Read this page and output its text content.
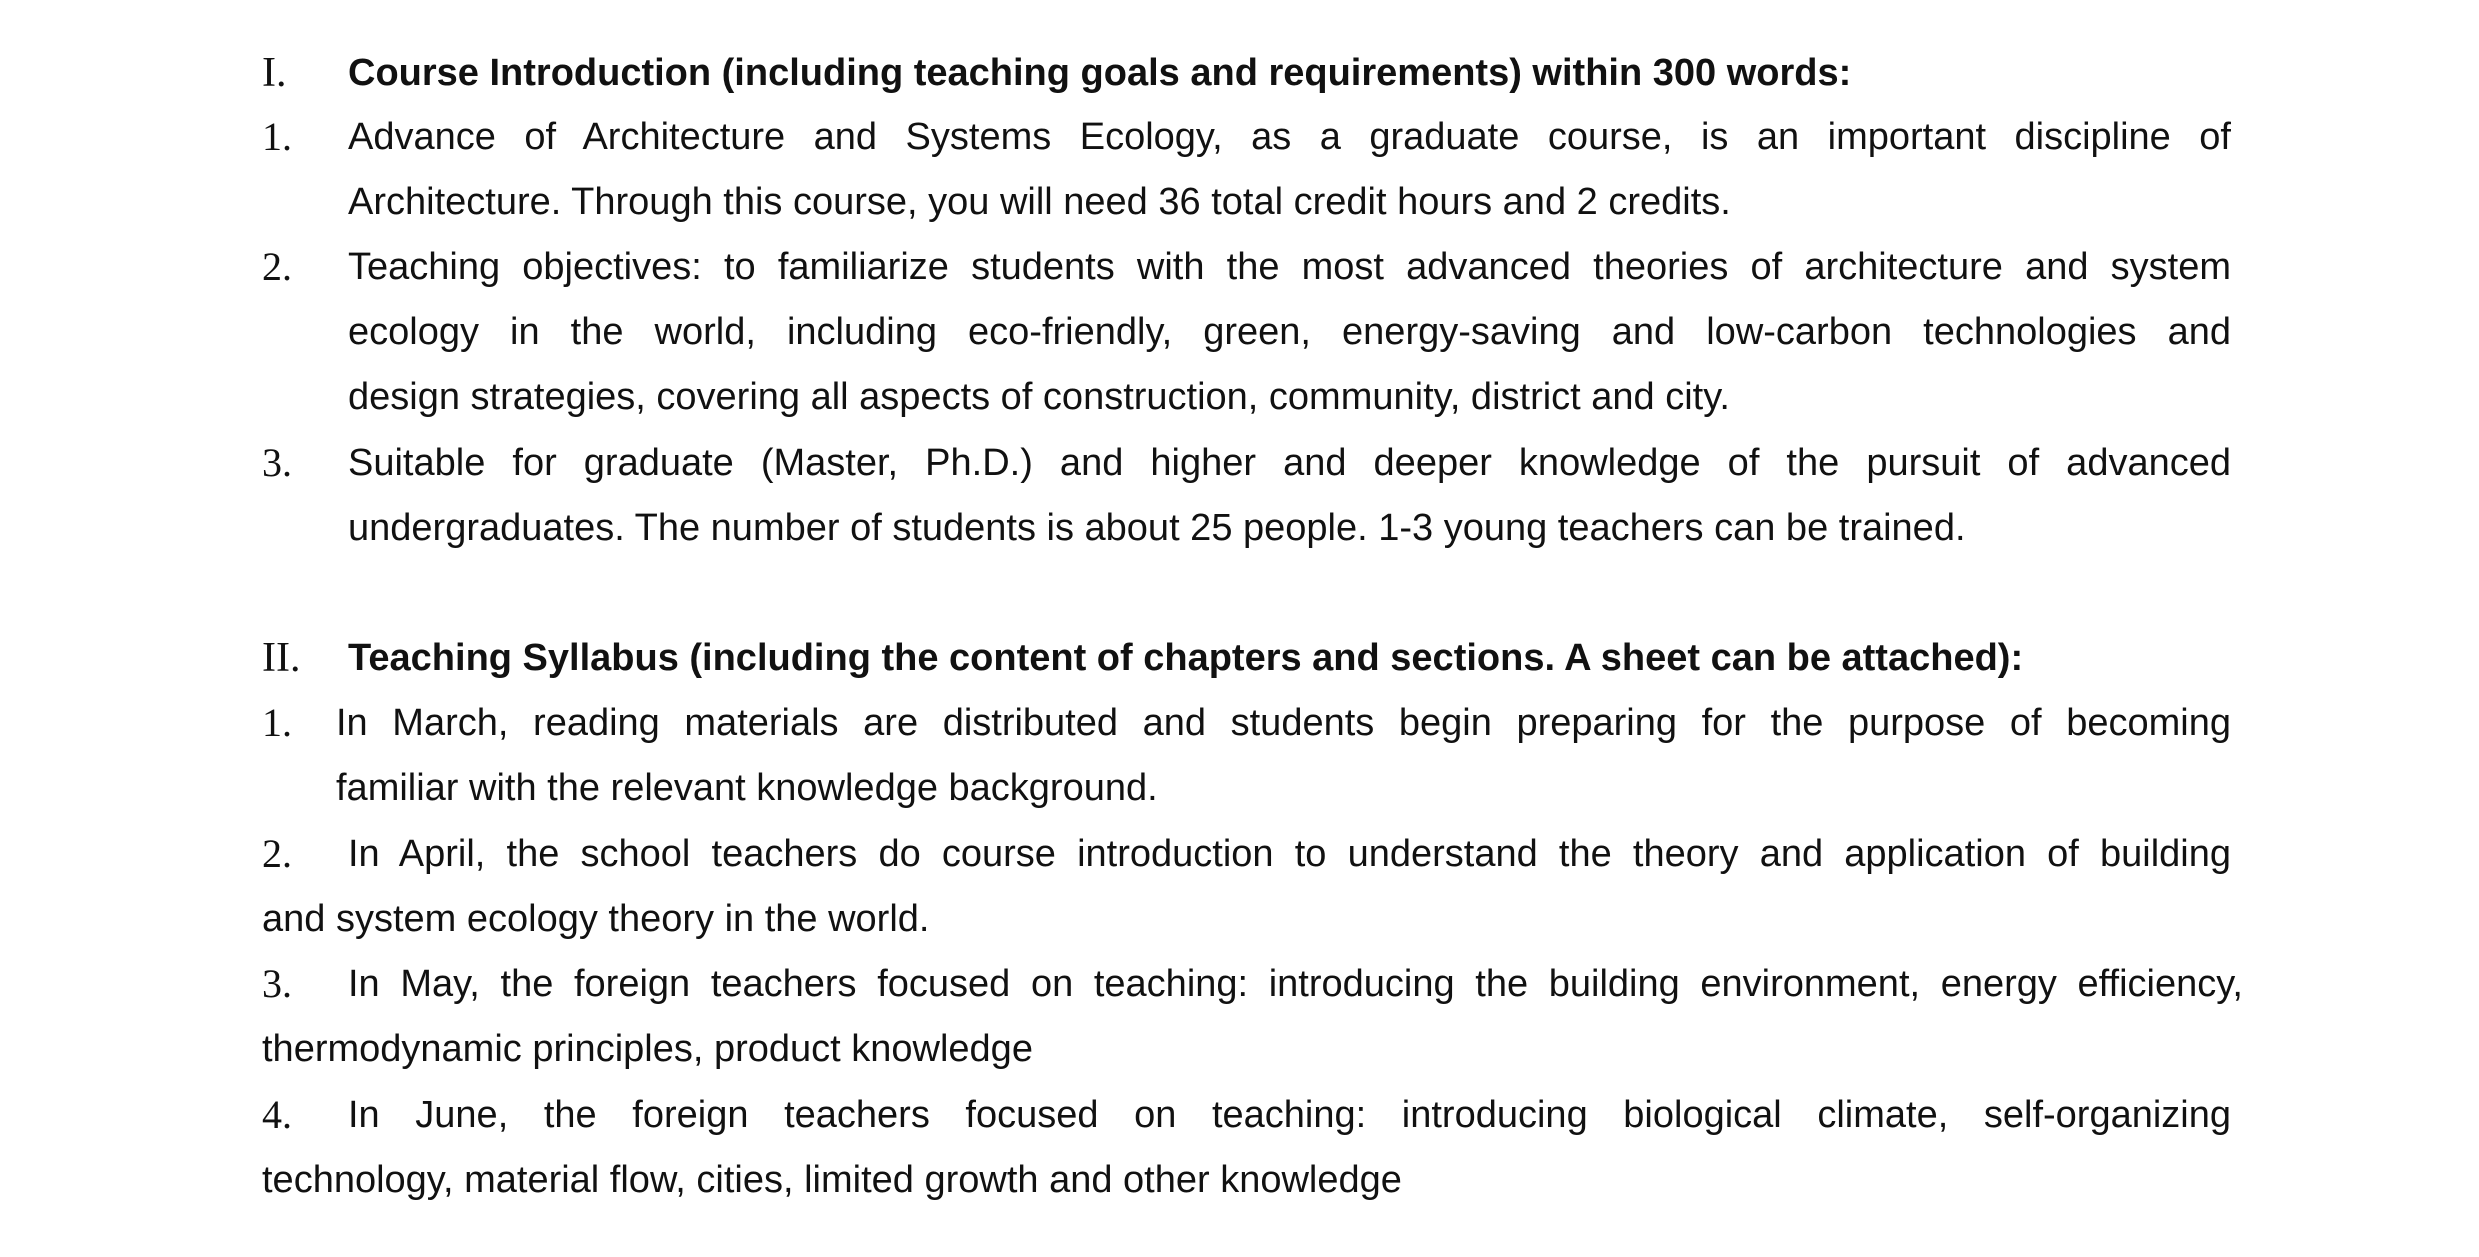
I. Course Introduction (including teaching goals and requirements) within 300 words:
1. Advance of Architecture and Systems Ecology, as a graduate course, is an important discipline of
Architecture. Through this course, you will need 36 total credit hours and 2 credits.
2. Teaching objectives: to familiarize students with the most advanced theories of architecture and system
ecology in the world, including eco-friendly, green, energy-saving and low-carbon technologies and
design strategies, covering all aspects of construction, community, district and city.
3. Suitable for graduate (Master, Ph.D.) and higher and deeper knowledge of the pursuit of advanced
undergraduates. The number of students is about 25 people. 1-3 young teachers can be trained.
II. Teaching Syllabus (including the content of chapters and sections. A sheet can be attached):
1. In March, reading materials are distributed and students begin preparing for the purpose of becoming
familiar with the relevant knowledge background.
2. In April, the school teachers do course introduction to understand the theory and application of building
and system ecology theory in the world.
3. In May, the foreign teachers focused on teaching: introducing the building environment, energy efficiency,
thermodynamic principles, product knowledge
4. In June, the foreign teachers focused on teaching: introducing biological climate, self-organizing
technology, material flow, cities, limited growth and other knowledge
